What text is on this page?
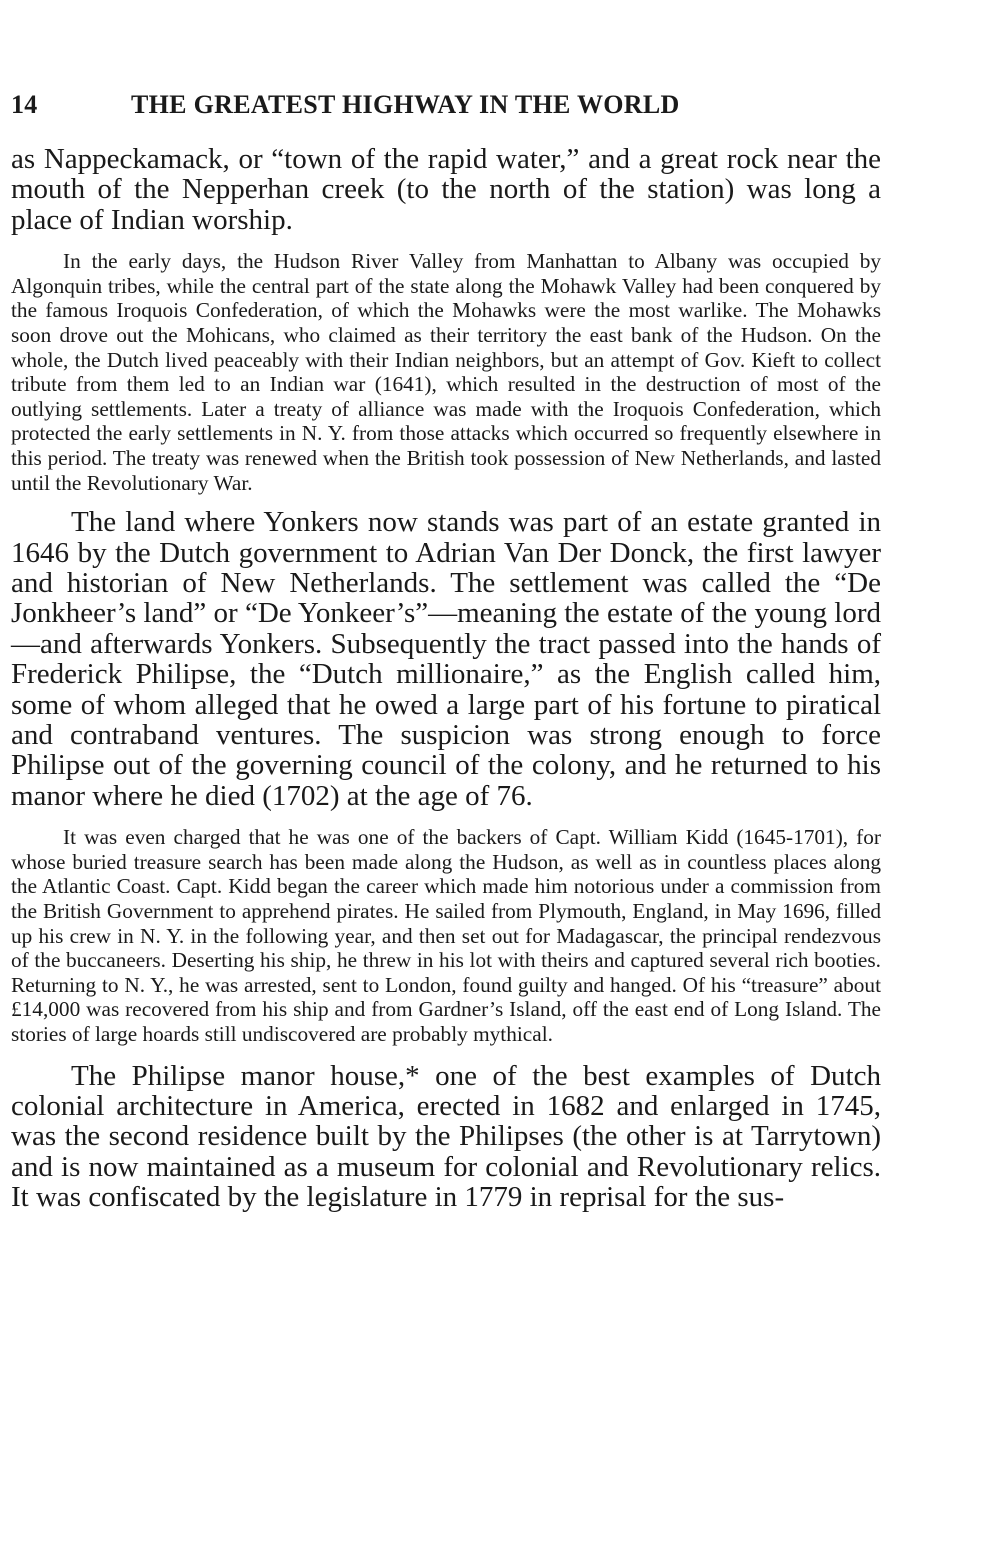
14	THE GREATEST HIGHWAY IN THE WORLD

as Nappeckamack, or “town of the rapid water,” and a great rock near the mouth of the Nepperhan creek (to the north of the station) was long a place of Indian worship.

In the early days, the Hudson River Valley from Manhattan to Albany was occupied by Algonquin tribes, while the central part of the state along the Mohawk Valley had been conquered by the famous Iroquois Confederation, of which the Mohawks were the most warlike. The Mohawks soon drove out the Mohicans, who claimed as their territory the east bank of the Hudson. On the whole, the Dutch lived peaceably with their Indian neighbors, but an attempt of Gov. Kieft to collect tribute from them led to an Indian war (1641), which resulted in the destruction of most of the outlying settlements. Later a treaty of alliance was made with the Iroquois Confederation, which protected the early settlements in N. Y. from those attacks which occurred so frequently elsewhere in this period. The treaty was renewed when the British took possession of New Netherlands, and lasted until the Revolutionary War.

The land where Yonkers now stands was part of an estate granted in 1646 by the Dutch government to Adrian Van Der Donck, the first lawyer and historian of New Netherlands. The settlement was called the “De Jonkheer’s land” or “De Yonkeer’s”—meaning the estate of the young lord—and afterwards Yonkers. Subsequently the tract passed into the hands of Frederick Philipse, the “Dutch millionaire,” as the English called him, some of whom alleged that he owed a large part of his fortune to piratical and contraband ventures. The suspicion was strong enough to force Philipse out of the governing council of the colony, and he returned to his manor where he died (1702) at the age of 76.

It was even charged that he was one of the backers of Capt. William Kidd (1645-1701), for whose buried treasure search has been made along the Hudson, as well as in countless places along the Atlantic Coast. Capt. Kidd began the career which made him notorious under a commission from the British Government to apprehend pirates. He sailed from Plymouth, England, in May 1696, filled up his crew in N. Y. in the following year, and then set out for Madagascar, the principal rendezvous of the buccaneers. Deserting his ship, he threw in his lot with theirs and captured several rich booties. Returning to N. Y., he was arrested, sent to London, found guilty and hanged. Of his “treasure” about £14,000 was recovered from his ship and from Gardner’s Island, off the east end of Long Island. The stories of large hoards still undiscovered are probably mythical.

The Philipse manor house,* one of the best examples of Dutch colonial architecture in America, erected in 1682 and enlarged in 1745, was the second residence built by the Philipses (the other is at Tarrytown) and is now maintained as a museum for colonial and Revolutionary relics. It was confiscated by the legislature in 1779 in reprisal for the sus-
